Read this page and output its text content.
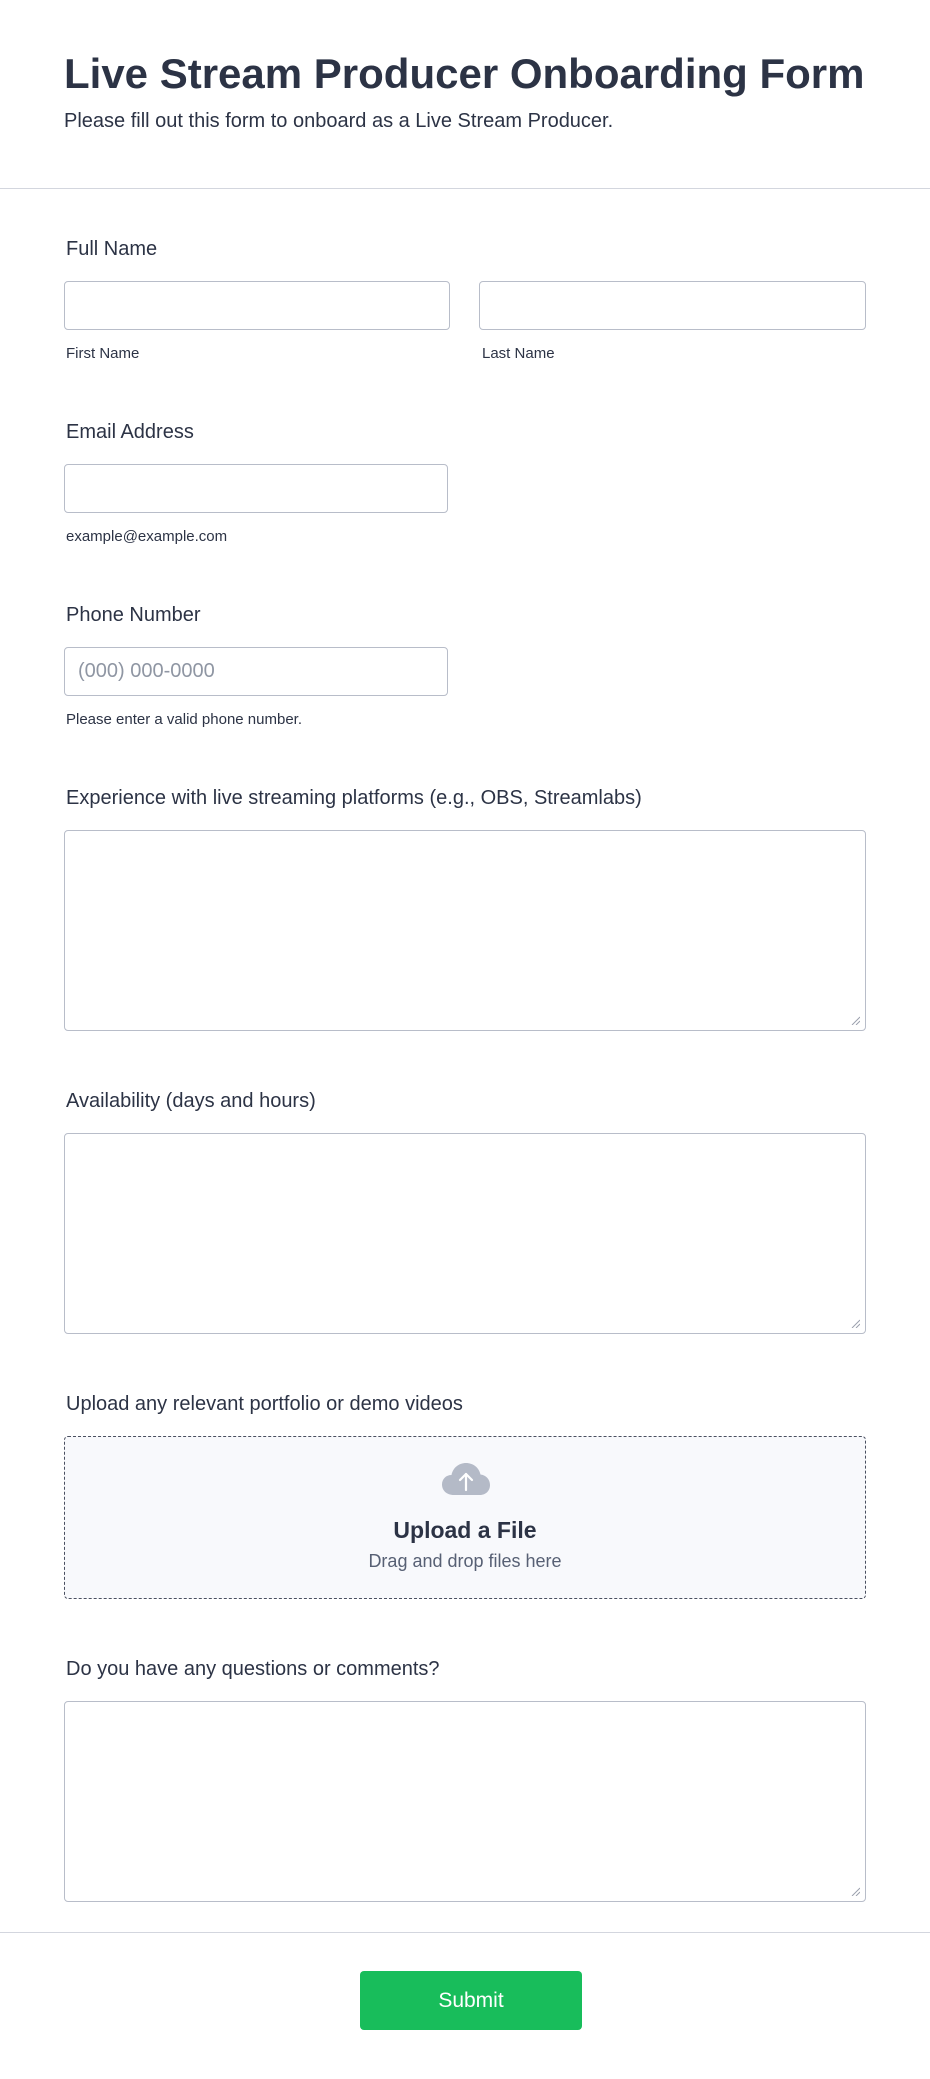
Live Stream Producer Onboarding Form
Please fill out this form to onboard as a Live Stream Producer.
Full Name
First Name	Last Name
Email Address
example@example.com
Phone Number
(000) 000-0000
Please enter a valid phone number.
Experience with live streaming platforms (e.g., OBS, Streamlabs)
Availability (days and hours)
Upload any relevant portfolio or demo videos
Upload a File
Drag and drop files here
Do you have any questions or comments?
Submit
